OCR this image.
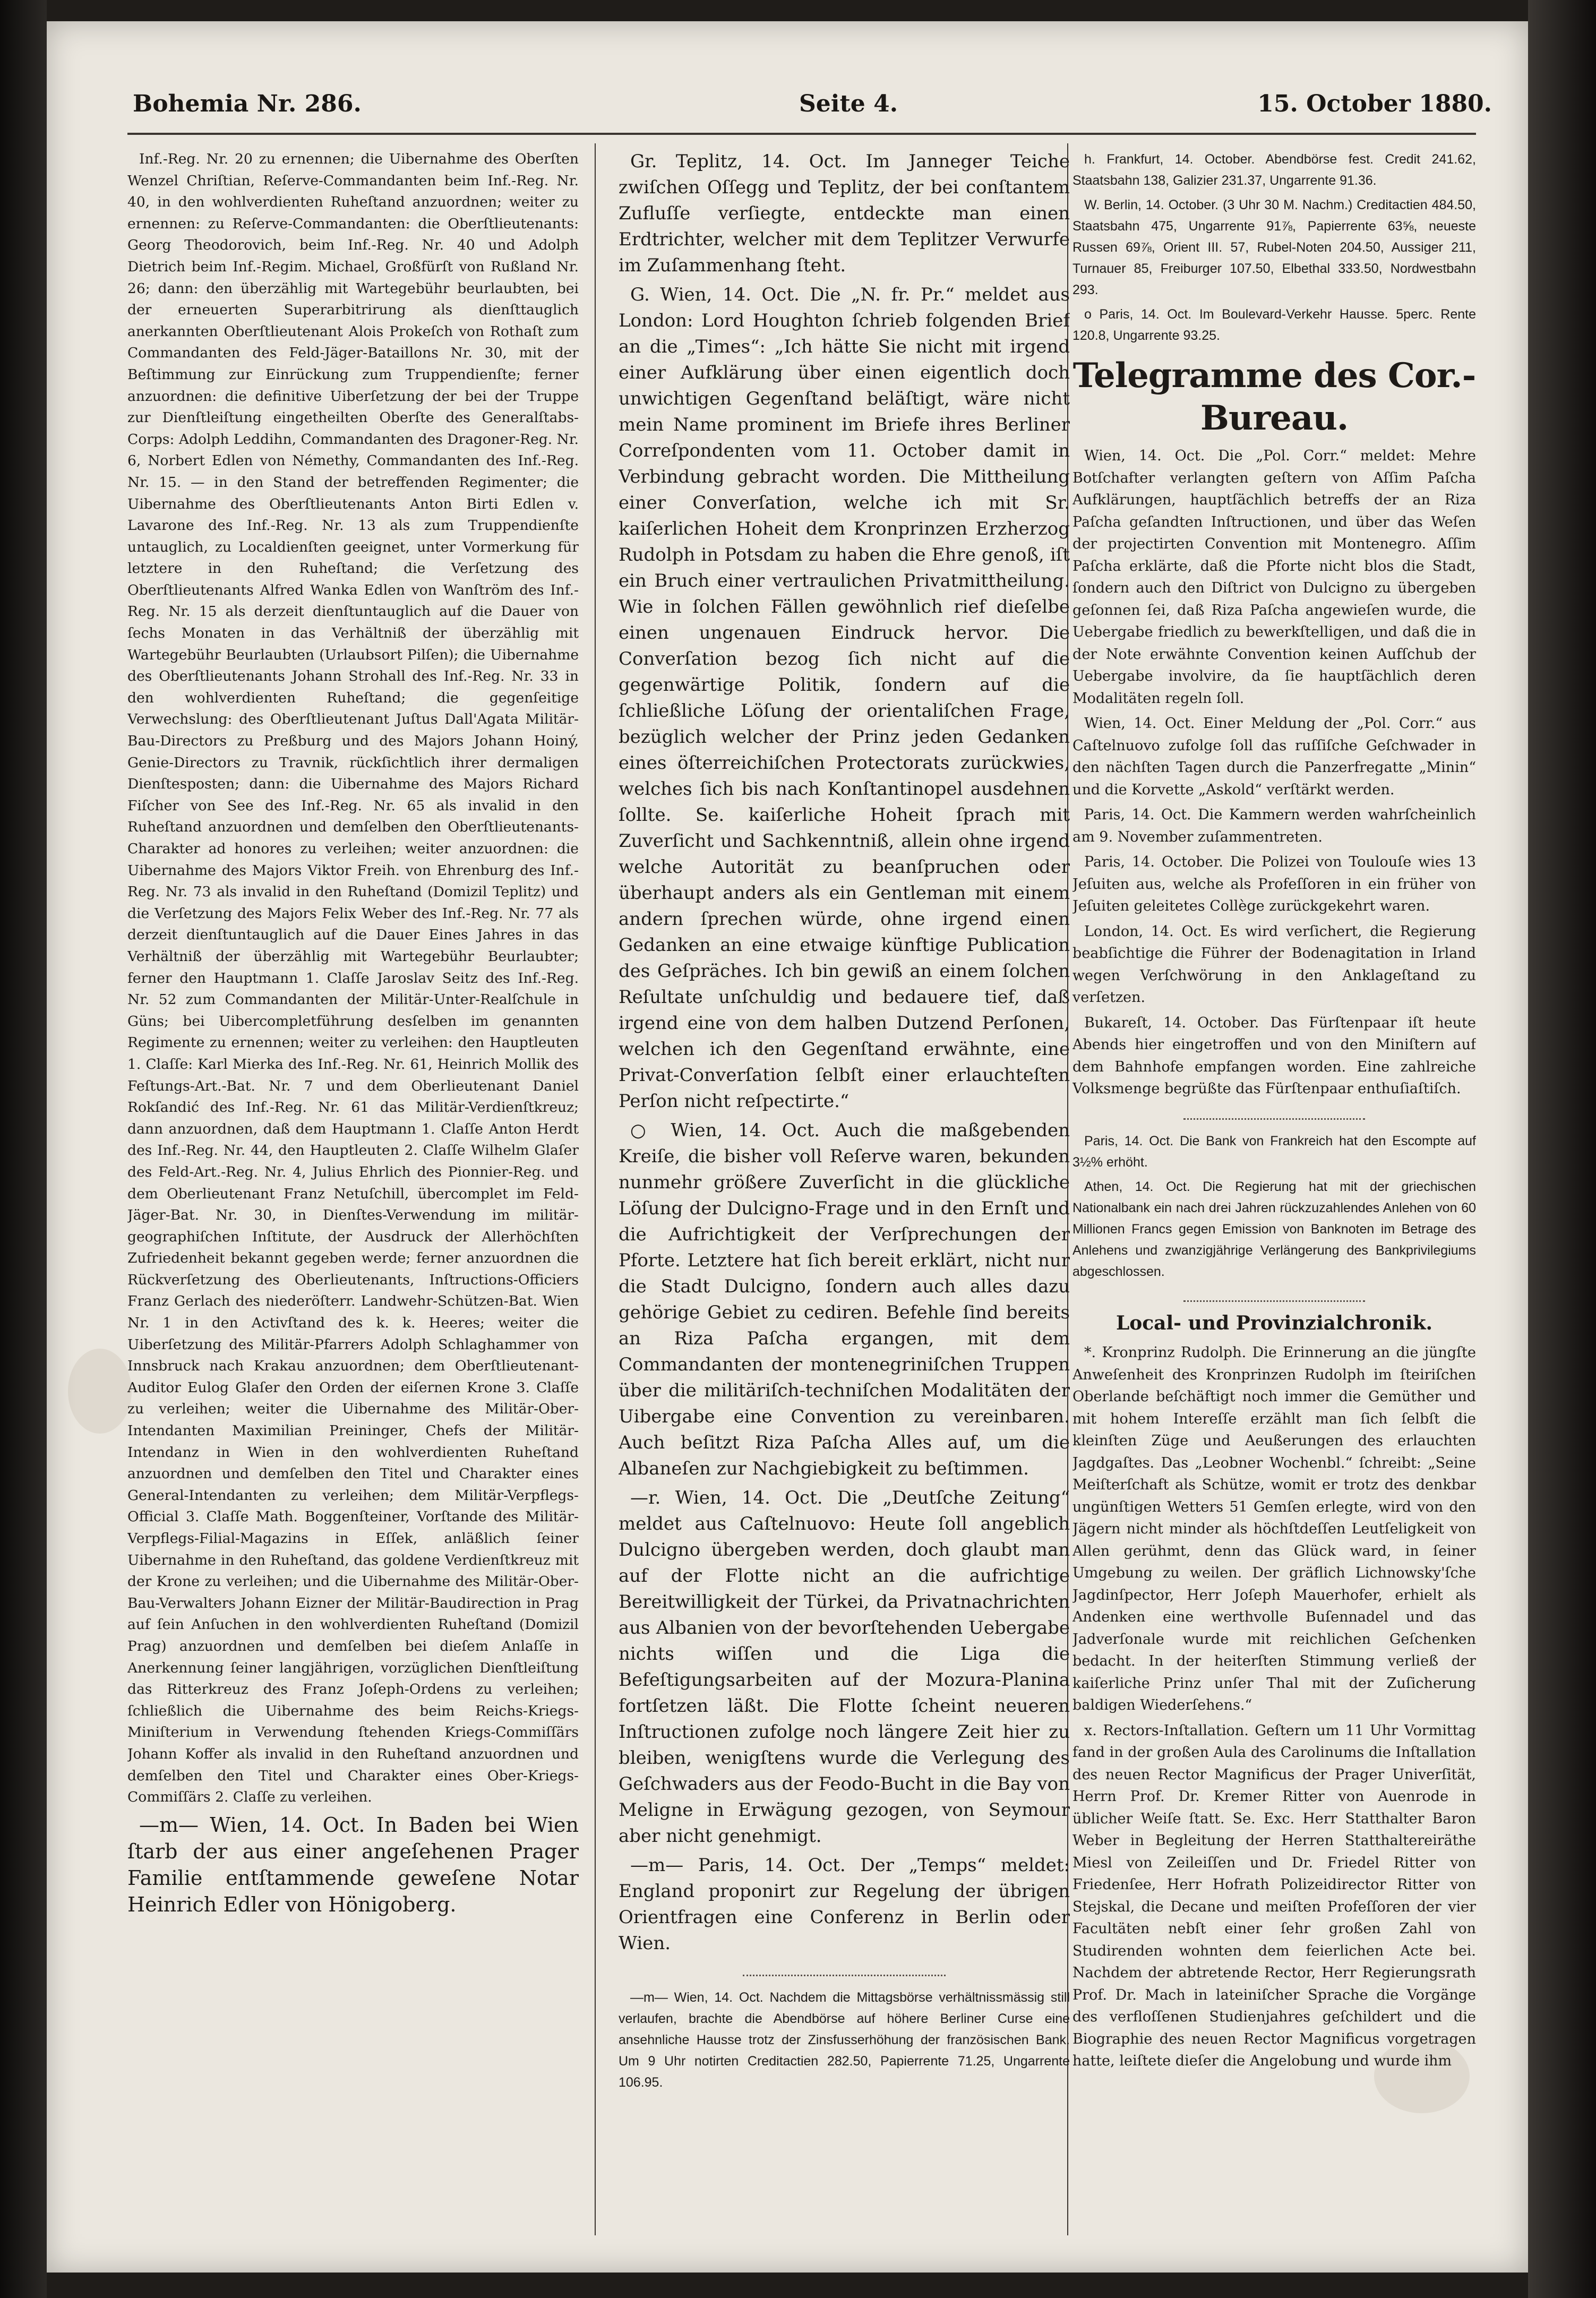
Bohemia Nr. 286.	Seite 4.	15. October 1880.

Inf.-Reg. Nr. 20 zu ernennen; die Uibernahme des Oberſten Wenzel Chriſtian, Reſerve-Commandanten beim Inf.-Reg. Nr. 40, in den wohlverdienten Ruheſtand anzuordnen; weiter zu ernennen: zu Reſerve-Commandanten: die Oberſtlieutenants: Georg Theodorovich, beim Inf.-Reg. Nr. 40 und Adolph Dietrich beim Inf.-Regim. Michael, Großfürſt von Rußland Nr. 26; dann: den überzählig mit Wartegebühr beurlaubten, bei der erneuerten Superarbitrirung als dienſttauglich anerkannten Oberſtlieutenant Alois Prokeſch von Rothaſt zum Commandanten des Feld-Jäger-Bataillons Nr. 30, mit der Beſtimmung zur Einrückung zum Truppendienſte; ferner anzuordnen: die definitive Uiberſetzung der bei der Truppe zur Dienſtleiſtung eingetheilten Oberſte des Generalſtabs-Corps: Adolph Leddihn, Commandanten des Dragoner-Reg. Nr. 6, Norbert Edlen von Némethy, Commandanten des Inf.-Reg. Nr. 15. — in den Stand der betreffenden Regimenter; die Uibernahme des Oberſtlieutenants Anton Birti Edlen v. Lavarone des Inf.-Reg. Nr. 13 als zum Truppendienſte untauglich, zu Localdienſten geeignet, unter Vormerkung für letztere in den Ruheſtand; die Verſetzung des Oberſtlieutenants Alfred Wanka Edlen von Wanſtröm des Inf.-Reg. Nr. 15 als derzeit dienſtuntauglich auf die Dauer von ſechs Monaten in das Verhältniß der überzählig mit Wartegebühr Beurlaubten (Urlaubsort Pilſen); die Uibernahme des Oberſtlieutenants Johann Strohall des Inf.-Reg. Nr. 33 in den wohlverdienten Ruheſtand; die gegenſeitige Verwechslung: des Oberſtlieutenant Juſtus Dall'Agata Militär-Bau-Directors zu Preßburg und des Majors Johann Hoiný, Genie-Directors zu Travnik, rückſichtlich ihrer dermaligen Dienſtesposten; dann: die Uibernahme des Majors Richard Fiſcher von See des Inf.-Reg. Nr. 65 als invalid in den Ruheſtand anzuordnen und demſelben den Oberſtlieutenants-Charakter ad honores zu verleihen; weiter anzuordnen: die Uibernahme des Majors Viktor Freih. von Ehrenburg des Inf.-Reg. Nr. 73 als invalid in den Ruheſtand (Domizil Teplitz) und die Verſetzung des Majors Felix Weber des Inf.-Reg. Nr. 77 als derzeit dienſtuntauglich auf die Dauer Eines Jahres in das Verhältniß der überzählig mit Wartegebühr Beurlaubter; ferner den Hauptmann 1. Claſſe Jaroslav Seitz des Inf.-Reg. Nr. 52 zum Commandanten der Militär-Unter-Realſchule in Güns; bei Uibercompletführung desſelben im genannten Regimente zu ernennen; weiter zu verleihen: den Hauptleuten 1. Claſſe: Karl Mierka des Inf.-Reg. Nr. 61, Heinrich Mollik des Feſtungs-Art.-Bat. Nr. 7 und dem Oberlieutenant Daniel Rokſandić des Inf.-Reg. Nr. 61 das Militär-Verdienſtkreuz; dann anzuordnen, daß dem Hauptmann 1. Claſſe Anton Herdt des Inf.-Reg. Nr. 44, den Hauptleuten 2. Claſſe Wilhelm Glaſer des Feld-Art.-Reg. Nr. 4, Julius Ehrlich des Pionnier-Reg. und dem Oberlieutenant Franz Netuſchill, übercomplet im Feld-Jäger-Bat. Nr. 30, in Dienſtes-Verwendung im militär-geographiſchen Inſtitute, der Ausdruck der Allerhöchſten Zufriedenheit bekannt gegeben werde; ferner anzuordnen die Rückverſetzung des Oberlieutenants, Inſtructions-Officiers Franz Gerlach des niederöſterr. Landwehr-Schützen-Bat. Wien Nr. 1 in den Activſtand des k. k. Heeres; weiter die Uiberſetzung des Militär-Pfarrers Adolph Schlaghammer von Innsbruck nach Krakau anzuordnen; dem Oberſtlieutenant-Auditor Eulog Glaſer den Orden der eiſernen Krone 3. Claſſe zu verleihen; weiter die Uibernahme des Militär-Ober-Intendanten Maximilian Preininger, Chefs der Militär-Intendanz in Wien in den wohlverdienten Ruheſtand anzuordnen und demſelben den Titel und Charakter eines General-Intendanten zu verleihen; dem Militär-Verpflegs-Official 3. Claſſe Math. Boggenſteiner, Vorſtande des Militär-Verpflegs-Filial-Magazins in Eſſek, anläßlich ſeiner Uibernahme in den Ruheſtand, das goldene Verdienſtkreuz mit der Krone zu verleihen; und die Uibernahme des Militär-Ober-Bau-Verwalters Johann Eizner der Militär-Baudirection in Prag auf ſein Anſuchen in den wohlverdienten Ruheſtand (Domizil Prag) anzuordnen und demſelben bei dieſem Anlaſſe in Anerkennung ſeiner langjährigen, vorzüglichen Dienſtleiſtung das Ritterkreuz des Franz Joſeph-Ordens zu verleihen; ſchließlich die Uibernahme des beim Reichs-Kriegs-Miniſterium in Verwendung ſtehenden Kriegs-Commiſſärs Johann Koffer als invalid in den Ruheſtand anzuordnen und demſelben den Titel und Charakter eines Ober-Kriegs-Commiſſärs 2. Claſſe zu verleihen.

—m— Wien, 14. Oct. In Baden bei Wien ſtarb der aus einer angeſehenen Prager Familie entſtammende geweſene Notar Heinrich Edler von Hönigoberg.

Gr. Teplitz, 14. Oct. Im Janneger Teiche zwiſchen Oſſegg und Teplitz, der bei conſtantem Zufluſſe verſiegte, entdeckte man einen Erdtrichter, welcher mit dem Teplitzer Verwurfe im Zuſammenhang ſteht.

G. Wien, 14. Oct. Die „N. fr. Pr.“ meldet aus London: Lord Houghton ſchrieb folgenden Brief an die „Times“: „Ich hätte Sie nicht mit irgend einer Aufklärung über einen eigentlich doch unwichtigen Gegenſtand beläſtigt, wäre nicht mein Name prominent im Briefe ihres Berliner Correſpondenten vom 11. October damit in Verbindung gebracht worden. Die Mittheilung einer Converſation, welche ich mit Sr. kaiſerlichen Hoheit dem Kronprinzen Erzherzog Rudolph in Potsdam zu haben die Ehre genoß, iſt ein Bruch einer vertraulichen Privatmittheilung. Wie in ſolchen Fällen gewöhnlich rief dieſelbe einen ungenauen Eindruck hervor. Die Converſation bezog ſich nicht auf die gegenwärtige Politik, ſondern auf die ſchließliche Löſung der orientaliſchen Frage, bezüglich welcher der Prinz jeden Gedanken eines öſterreichiſchen Protectorats zurückwies, welches ſich bis nach Konſtantinopel ausdehnen ſollte. Se. kaiſerliche Hoheit ſprach mit Zuverſicht und Sachkenntniß, allein ohne irgend welche Autorität zu beanſpruchen oder überhaupt anders als ein Gentleman mit einem andern ſprechen würde, ohne irgend einen Gedanken an eine etwaige künftige Publication des Geſpräches. Ich bin gewiß an einem ſolchen Reſultate unſchuldig und bedauere tief, daß irgend eine von dem halben Dutzend Perſonen, welchen ich den Gegenſtand erwähnte, eine Privat-Converſation ſelbſt einer erlauchteſten Perſon nicht reſpectirte.“

○ Wien, 14. Oct. Auch die maßgebenden Kreiſe, die bisher voll Reſerve waren, bekunden nunmehr größere Zuverſicht in die glückliche Löſung der Dulcigno-Frage und in den Ernſt und die Aufrichtigkeit der Verſprechungen der Pforte. Letztere hat ſich bereit erklärt, nicht nur die Stadt Dulcigno, ſondern auch alles dazu gehörige Gebiet zu cediren. Befehle ſind bereits an Riza Paſcha ergangen, mit dem Commandanten der montenegriniſchen Truppen über die militäriſch-techniſchen Modalitäten der Uibergabe eine Convention zu vereinbaren. Auch beſitzt Riza Paſcha Alles auf, um die Albaneſen zur Nachgiebigkeit zu beſtimmen.

—r. Wien, 14. Oct. Die „Deutſche Zeitung“ meldet aus Caſtelnuovo: Heute ſoll angeblich Dulcigno übergeben werden, doch glaubt man auf der Flotte nicht an die aufrichtige Bereitwilligkeit der Türkei, da Privatnachrichten aus Albanien von der bevorſtehenden Uebergabe nichts wiſſen und die Liga die Befeſtigungsarbeiten auf der Mozura-Planina fortſetzen läßt. Die Flotte ſcheint neueren Inſtructionen zufolge noch längere Zeit hier zu bleiben, wenigſtens wurde die Verlegung des Geſchwaders aus der Feodo-Bucht in die Bay von Meligne in Erwägung gezogen, von Seymour aber nicht genehmigt.

—m— Paris, 14. Oct. Der „Temps“ meldet: England proponirt zur Regelung der übrigen Orientfragen eine Conferenz in Berlin oder Wien.

—m— Wien, 14. Oct. Nachdem die Mittagsbörse verhältnissmässig still verlaufen, brachte die Abendbörse auf höhere Berliner Curse eine ansehnliche Hausse trotz der Zinsfusserhöhung der französischen Bank. Um 9 Uhr notirten Creditactien 282.50, Papierrente 71.25, Ungarrente 106.95.

h. Frankfurt, 14. October. Abendbörse fest. Credit 241.62, Staatsbahn 138, Galizier 231.37, Ungarrente 91.36.

W. Berlin, 14. October. (3 Uhr 30 M. Nachm.) Creditactien 484.50, Staatsbahn 475, Ungarrente 91⅞, Papierrente 63⅝, neueste Russen 69⅞, Orient III. 57, Rubel-Noten 204.50, Aussiger 211, Turnauer 85, Freiburger 107.50, Elbethal 333.50, Nordwestbahn 293.

o Paris, 14. Oct. Im Boulevard-Verkehr Hausse. 5perc. Rente 120.8, Ungarrente 93.25.

Telegramme des Cor.-Bureau.

Wien, 14. Oct. Die „Pol. Corr.“ meldet: Mehre Botſchafter verlangten geſtern von Aſſim Paſcha Aufklärungen, hauptſächlich betreffs der an Riza Paſcha geſandten Inſtructionen, und über das Weſen der projectirten Convention mit Montenegro. Aſſim Paſcha erklärte, daß die Pforte nicht blos die Stadt, ſondern auch den Diſtrict von Dulcigno zu übergeben geſonnen ſei, daß Riza Paſcha angewieſen wurde, die Uebergabe friedlich zu bewerkſtelligen, und daß die in der Note erwähnte Convention keinen Aufſchub der Uebergabe involvire, da ſie hauptſächlich deren Modalitäten regeln ſoll.

Wien, 14. Oct. Einer Meldung der „Pol. Corr.“ aus Caſtelnuovo zufolge ſoll das ruſſiſche Geſchwader in den nächſten Tagen durch die Panzerfregatte „Minin“ und die Korvette „Askold“ verſtärkt werden.

Paris, 14. Oct. Die Kammern werden wahrſcheinlich am 9. November zuſammentreten.

Paris, 14. October. Die Polizei von Toulouſe wies 13 Jeſuiten aus, welche als Profeſſoren in ein früher von Jeſuiten geleitetes Collège zurückgekehrt waren.

London, 14. Oct. Es wird verſichert, die Regierung beabſichtige die Führer der Bodenagitation in Irland wegen Verſchwörung in den Anklageſtand zu verſetzen.

Bukareſt, 14. October. Das Fürſtenpaar iſt heute Abends hier eingetroffen und von den Miniſtern auf dem Bahnhofe empfangen worden. Eine zahlreiche Volksmenge begrüßte das Fürſtenpaar enthuſiaſtiſch.

Paris, 14. Oct. Die Bank von Frankreich hat den Escompte auf 3½% erhöht.

Athen, 14. Oct. Die Regierung hat mit der griechischen Nationalbank ein nach drei Jahren rückzuzahlendes Anlehen von 60 Millionen Francs gegen Emission von Banknoten im Betrage des Anlehens und zwanzigjährige Verlängerung des Bankprivilegiums abgeschlossen.

Local- und Provinzialchronik.

*. Kronprinz Rudolph. Die Erinnerung an die jüngſte Anweſenheit des Kronprinzen Rudolph im ſteiriſchen Oberlande beſchäftigt noch immer die Gemüther und mit hohem Intereſſe erzählt man ſich ſelbſt die kleinſten Züge und Aeußerungen des erlauchten Jagdgaſtes. Das „Leobner Wochenbl.“ ſchreibt: „Seine Meiſterſchaft als Schütze, womit er trotz des denkbar ungünſtigen Wetters 51 Gemſen erlegte, wird von den Jägern nicht minder als höchſtdeſſen Leutſeligkeit von Allen gerühmt, denn das Glück ward, in ſeiner Umgebung zu weilen. Der gräflich Lichnowsky'ſche Jagdinſpector, Herr Joſeph Mauerhofer, erhielt als Andenken eine werthvolle Buſennadel und das Jadverſonale wurde mit reichlichen Geſchenken bedacht. In der heiterſten Stimmung verließ der kaiſerliche Prinz unſer Thal mit der Zuſicherung baldigen Wiederſehens.“

x. Rectors-Inſtallation. Geſtern um 11 Uhr Vormittag fand in der großen Aula des Carolinums die Inſtallation des neuen Rector Magnificus der Prager Univerſität, Herrn Prof. Dr. Kremer Ritter von Auenrode in üblicher Weiſe ſtatt. Se. Exc. Herr Statthalter Baron Weber in Begleitung der Herren Statthaltereiräthe Miesl von Zeileiſſen und Dr. Friedel Ritter von Friedenſee, Herr Hofrath Polizeidirector Ritter von Stejskal, die Decane und meiſten Profeſſoren der vier Facultäten nebſt einer ſehr großen Zahl von Studirenden wohnten dem feierlichen Acte bei. Nachdem der abtretende Rector, Herr Regierungsrath Prof. Dr. Mach in lateiniſcher Sprache die Vorgänge des verfloſſenen Studienjahres geſchildert und die Biographie des neuen Rector Magnificus vorgetragen hatte, leiſtete dieſer die Angelobung und wurde ihm
